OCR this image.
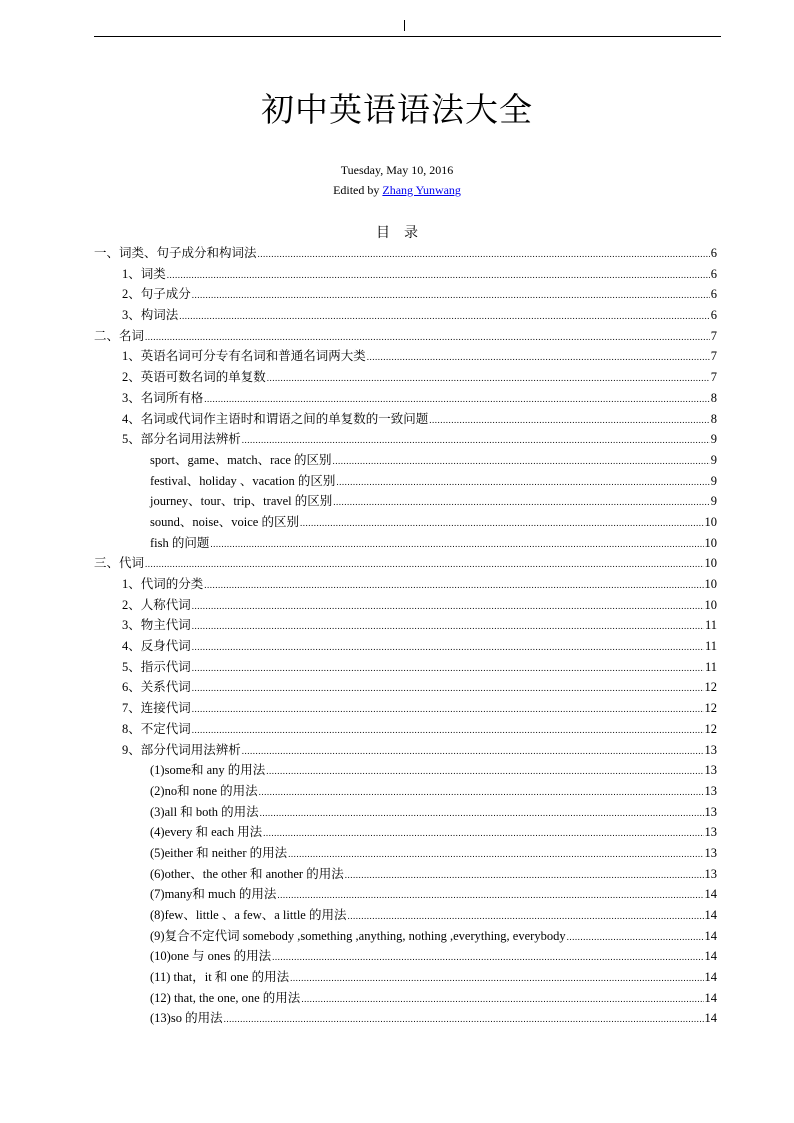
初中英语语法大全
Tuesday, May 10, 2016
Edited by Zhang Yunwang
目录
一、词类、句子成分和构词法 .....	6
1、词类 .....	6
2、句子成分 .....	6
3、构词法 .....	6
二、名词 .....	7
1、英语名词可分专有名词和普通名词两大类 .....	7
2、英语可数名词的单复数 .....	7
3、名词所有格 .....	8
4、名词或代词作主语时和谓语之间的单复数的一致问题 .....	8
5、部分名词用法辨析 .....	9
sport、game、match、race 的区别 .....	9
festival、holiday 、vacation 的区别 .....	9
journey、tour、trip、travel 的区别 .....	9
sound、noise、voice 的区别 .....	10
fish 的问题 .....	10
三、代词 .....	10
1、代词的分类 .....	10
2、人称代词 .....	10
3、物主代词 .....	11
4、反身代词 .....	11
5、指示代词 .....	11
6、关系代词 .....	12
7、连接代词 .....	12
8、不定代词 .....	12
9、部分代词用法辨析 .....	13
(1)some和 any 的用法 .....	13
(2)no和 none 的用法 .....	13
(3)all 和 both 的用法 .....	13
(4)every 和 each 用法 .....	13
(5)either 和 neither 的用法 .....	13
(6)other、the other 和 another 的用法 .....	13
(7)many和 much 的用法 .....	14
(8)few、little 、a few、a little 的用法 .....	14
(9)复合不定代词 somebody ,something ,anything, nothing ,everything, everybody .....	14
(10)one 与 ones 的用法 .....	14
(11) that，it 和 one 的用法 .....	14
(12) that, the one, one 的用法 .....	14
(13)so 的用法 .....	14
